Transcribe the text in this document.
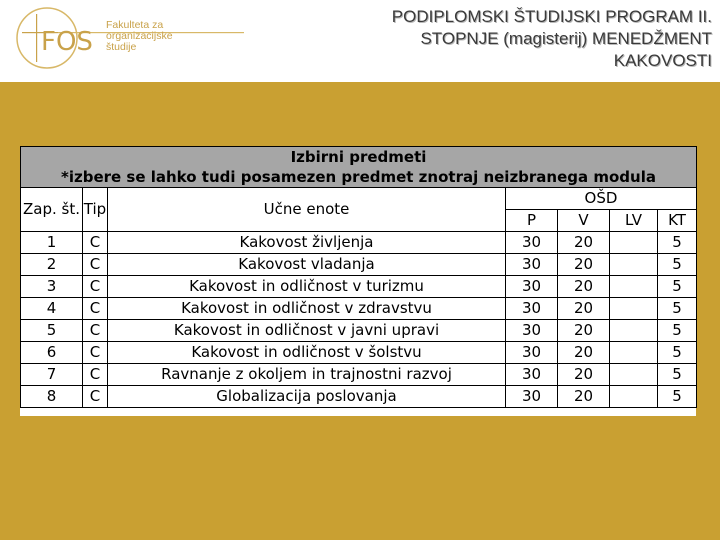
FOS
Fakulteta za
organizacijske
študije
PODIPLOMSKI ŠTUDIJSKI PROGRAM II.
STOPNJE (magisterij) MENEDŽMENT
KAKOVOSTI
Izbirni predmeti
*izbere se lahko tudi posamezen predmet znotraj neizbranega modula						

Zap. št.	Tip	Učne enote	OŠD			
			P	V	LV	KT
1	C	Kakovost življenja	30	20		5
2	C	Kakovost vladanja	30	20		5
3	C	Kakovost in odličnost v turizmu	30	20		5
4	C	Kakovost in odličnost v zdravstvu	30	20		5
5	C	Kakovost in odličnost v javni upravi	30	20		5
6	C	Kakovost in odličnost v šolstvu	30	20		5
7	C	Ravnanje z okoljem in trajnostni razvoj	30	20		5
8	C	Globalizacija poslovanja	30	20		5
